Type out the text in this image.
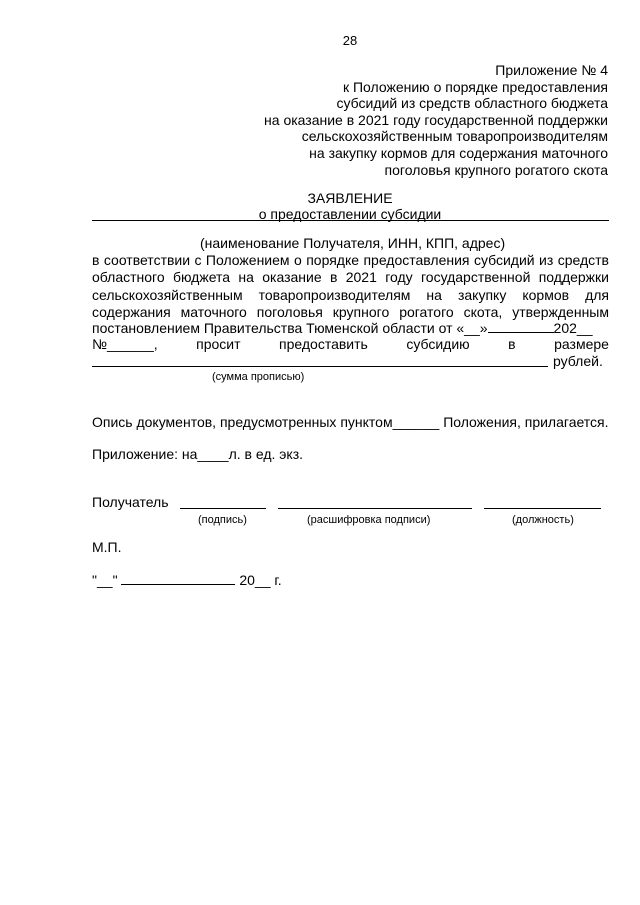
28
Приложение № 4
к Положению о порядке предоставления
субсидий из средств областного бюджета
на оказание в 2021 году государственной поддержки
сельскохозяйственным товаропроизводителям
на закупку кормов для содержания маточного
поголовья крупного рогатого скота
ЗАЯВЛЕНИЕ
о предоставлении субсидии
(наименование Получателя, ИНН, КПП, адрес)
в соответствии с Положением о порядке предоставления субсидий из средств
областного бюджета на оказание в 2021 году государственной поддержки
сельскохозяйственным товаропроизводителям на закупку кормов для
содержания маточного поголовья крупного рогатого скота, утвержденным
постановлением Правительства Тюменской области от «__»	202__
№______,	просит	предоставить	субсидию	в	размере
рублей.
(сумма прописью)
Опись документов, предусмотренных пунктом______ Положения, прилагается.
Приложение: на____л. в ед. экз.
Получатель
(подпись)	(расшифровка подписи)	(должность)
М.П.
"__"	20__ г.
